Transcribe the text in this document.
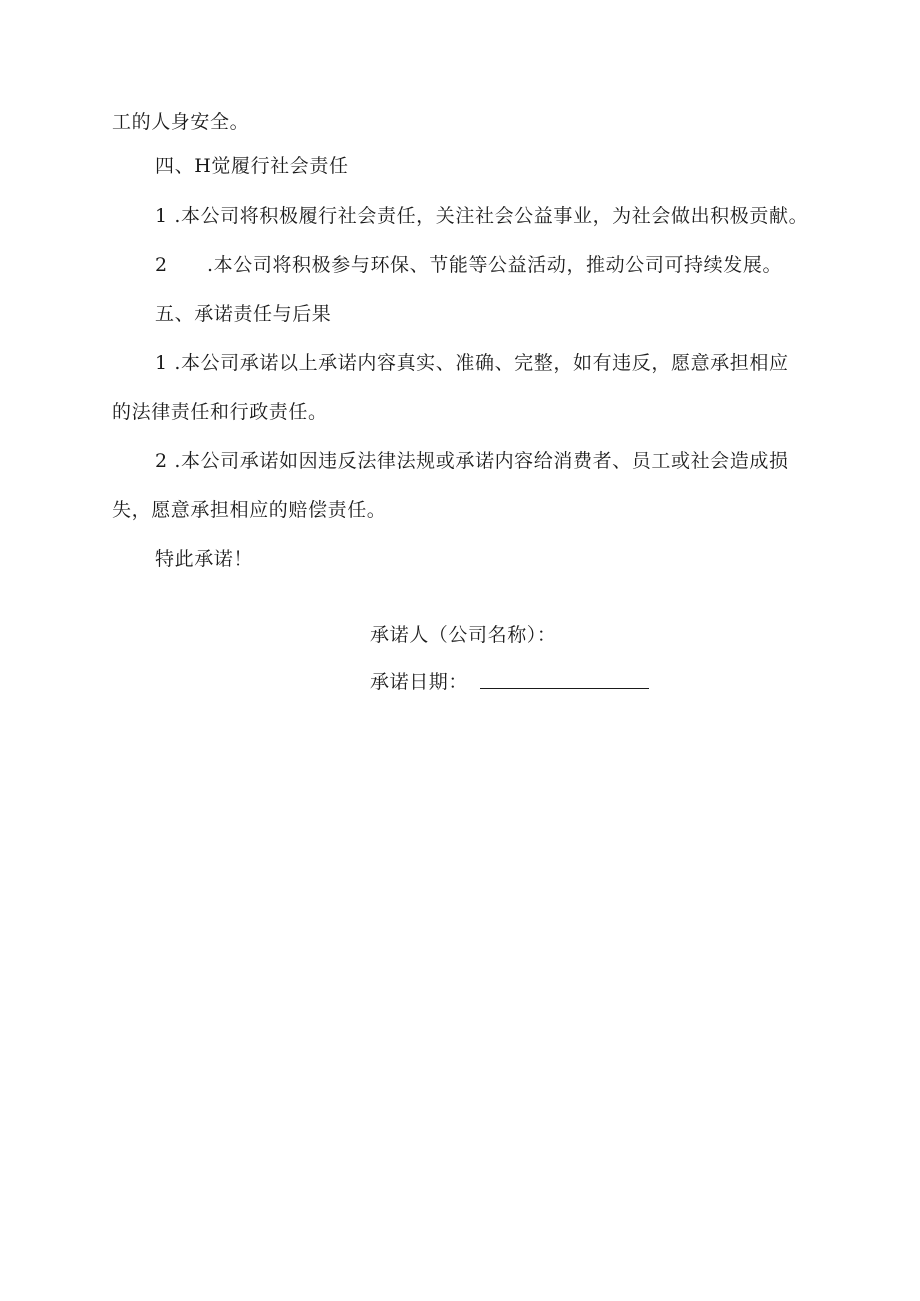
工的人身安全。
四、H觉履行社会责任
1 .本公司将积极履行社会责任，关注社会公益事业，为社会做出积极贡献。
2 .本公司将积极参与环保、节能等公益活动，推动公司可持续发展。
五、承诺责任与后果
1 .本公司承诺以上承诺内容真实、准确、完整，如有违反，愿意承担相应
的法律责任和行政责任。
2 .本公司承诺如因违反法律法规或承诺内容给消费者、员工或社会造成损
失，愿意承担相应的赔偿责任。
特此承诺！
承诺人（公司名称）：
承诺日期：
